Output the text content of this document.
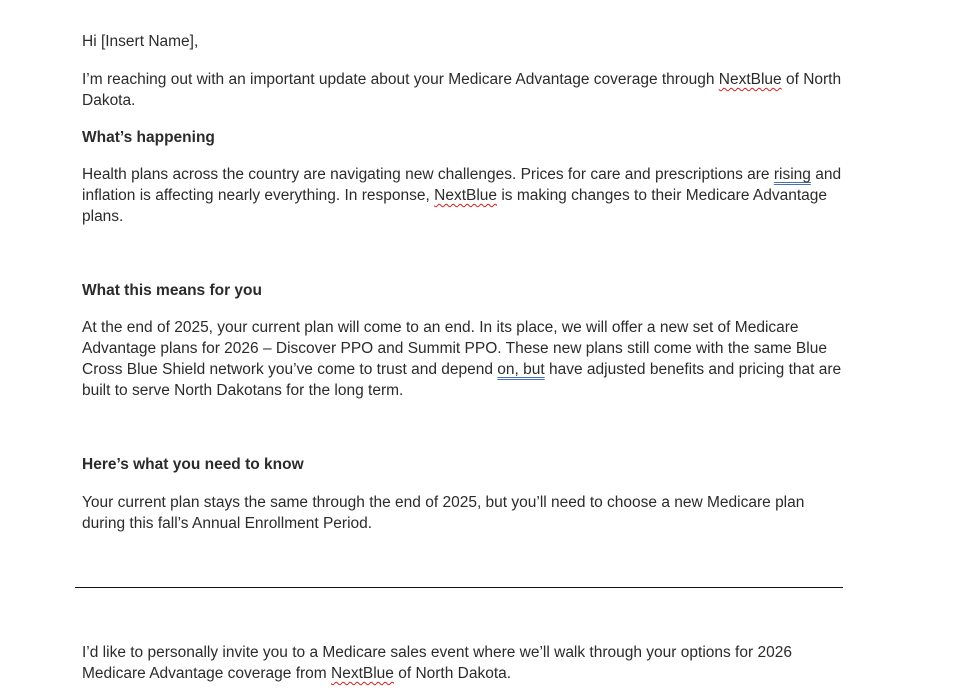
Hi [Insert Name],

I’m reaching out with an important update about your Medicare Advantage coverage through NextBlue of North Dakota.

What’s happening

Health plans across the country are navigating new challenges. Prices for care and prescriptions are rising and inflation is affecting nearly everything. In response, NextBlue is making changes to their Medicare Advantage plans.

What this means for you

At the end of 2025, your current plan will come to an end. In its place, we will offer a new set of Medicare Advantage plans for 2026 – Discover PPO and Summit PPO. These new plans still come with the same Blue Cross Blue Shield network you’ve come to trust and depend on, but have adjusted benefits and pricing that are built to serve North Dakotans for the long term.

Here’s what you need to know

Your current plan stays the same through the end of 2025, but you’ll need to choose a new Medicare plan during this fall’s Annual Enrollment Period.

I’d like to personally invite you to a Medicare sales event where we’ll walk through your options for 2026 Medicare Advantage coverage from NextBlue of North Dakota.
